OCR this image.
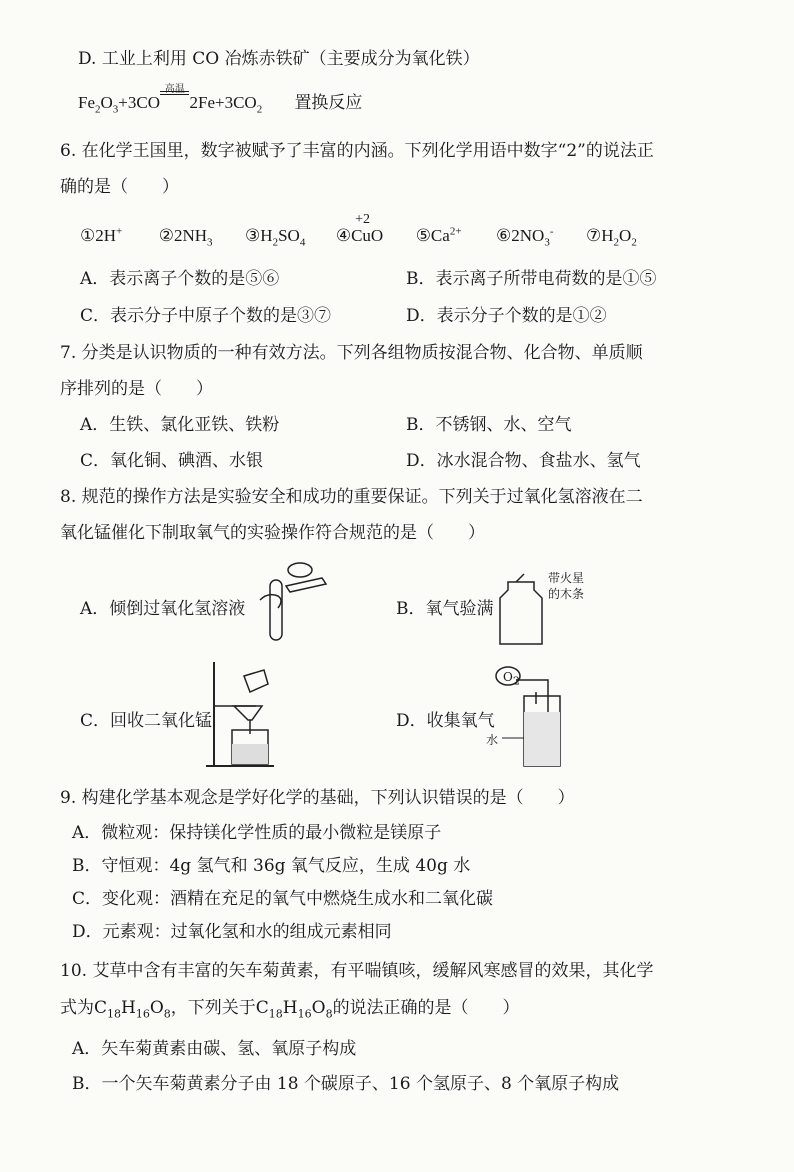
D. 工业上利用 CO 冶炼赤铁矿（主要成分为氧化铁）
$Fe_2O_3+3CO$
高温
   $2Fe+3CO_2$ 置换反应
6. 在化学王国里，数字被赋予了丰富的内涵。下列化学用语中数字“2”的说法正
确的是（　　）
①2H+ $②2NH_3$ $③H_2SO_4$ ④
+2
CuO $⑤Ca^{2+}$ $⑥2NO_3^-$ $⑦H_2O_2$
A．表示离子个数的是⑤⑥	B．表示离子所带电荷数的是①⑤
C．表示分子中原子个数的是③⑦	D．表示分子个数的是①②
7. 分类是认识物质的一种有效方法。下列各组物质按混合物、化合物、单质顺
序排列的是（　　）
A．生铁、氯化亚铁、铁粉	B．不锈钢、水、空气
C．氧化铜、碘酒、水银	D．冰水混合物、食盐水、氢气
8. 规范的操作方法是实验安全和成功的重要保证。下列关于过氧化氢溶液在二
氧化锰催化下制取氧气的实验操作符合规范的是（　　）
A．倾倒过氧化氢溶液	B．氧气验满
带火星
的木条
C．回收二氧化锰	D．收集氧气
$O_2$
水
9. 构建化学基本观念是学好化学的基础，下列认识错误的是（　　）
A．微粒观：保持镁化学性质的最小微粒是镁原子
B．守恒观：4g 氢气和 36g 氧气反应，生成 40g 水
C．变化观：酒精在充足的氧气中燃烧生成水和二氧化碳
D．元素观：过氧化氢和水的组成元素相同
10. 艾草中含有丰富的矢车菊黄素，有平喘镇咳，缓解风寒感冒的效果，其化学
式为$C_{18}H_{16}O_8$，下列关于$C_{18}H_{16}O_8$的说法正确的是（　　）
A．矢车菊黄素由碳、氢、氧原子构成
B．一个矢车菊黄素分子由 18 个碳原子、16 个氢原子、8 个氧原子构成
